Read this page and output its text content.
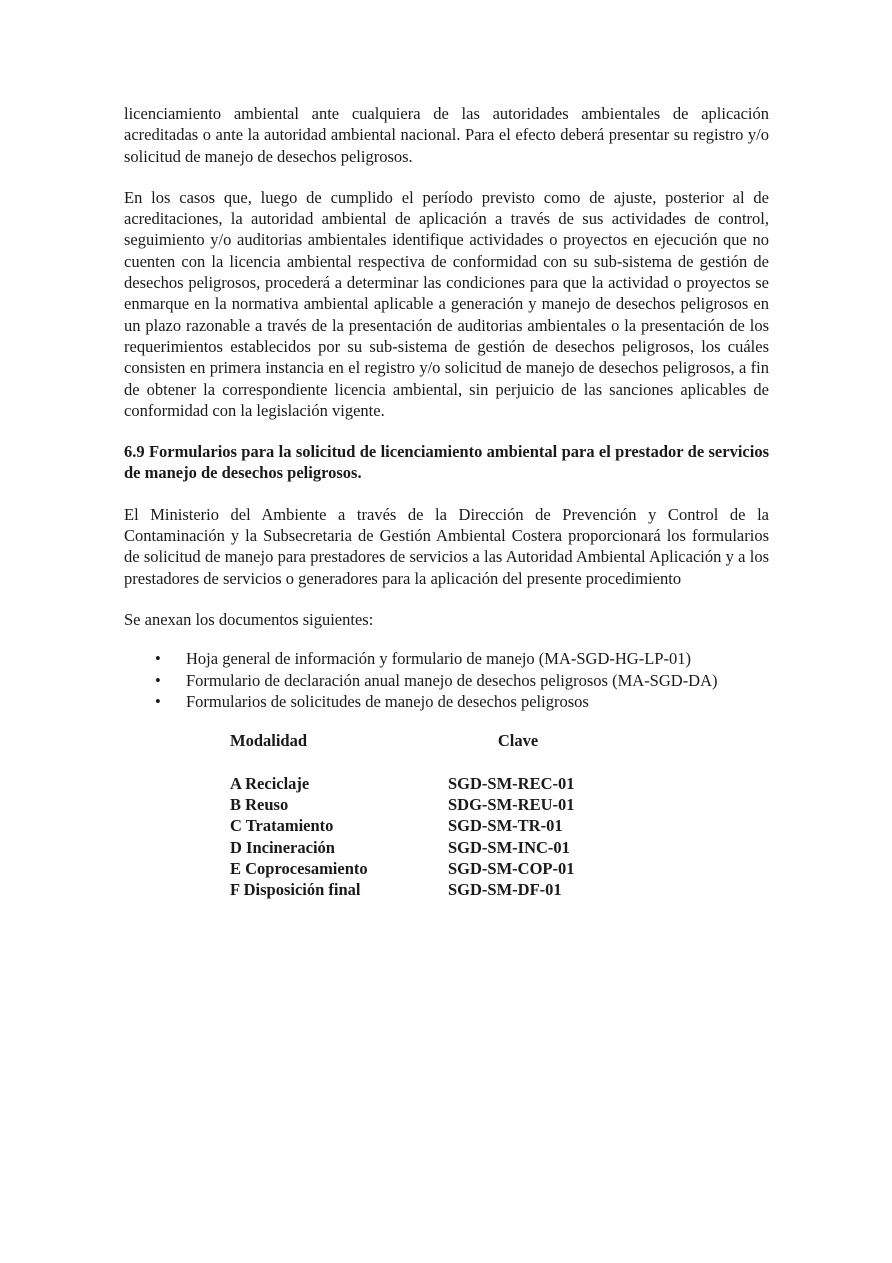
licenciamiento ambiental ante cualquiera de las autoridades ambientales de aplicación acreditadas o ante la autoridad ambiental nacional. Para el efecto deberá presentar su registro y/o solicitud de manejo de desechos peligrosos.

En los casos que, luego de cumplido el período previsto como de ajuste, posterior al de acreditaciones, la autoridad ambiental de aplicación a través de sus actividades de control, seguimiento y/o auditorias ambientales identifique actividades o proyectos en ejecución que no cuenten con la licencia ambiental respectiva de conformidad con su sub-sistema de gestión de desechos peligrosos, procederá a determinar las condiciones para que la actividad o proyectos se enmarque en la normativa ambiental aplicable a generación y manejo de desechos peligrosos en un plazo razonable a través de la presentación de auditorias ambientales o la presentación de los requerimientos establecidos por su sub-sistema de gestión de desechos peligrosos, los cuáles consisten en primera instancia en el registro y/o solicitud de manejo de desechos peligrosos, a fin de obtener la correspondiente licencia ambiental, sin perjuicio de las sanciones aplicables de conformidad con la legislación vigente.

6.9 Formularios para la solicitud de licenciamiento ambiental para el prestador de servicios de manejo de desechos peligrosos.

El Ministerio del Ambiente a través de la Dirección de Prevención y Control de la Contaminación y la Subsecretaria de Gestión Ambiental Costera proporcionará los formularios de solicitud de manejo para prestadores de servicios a las Autoridad Ambiental Aplicación y a los prestadores de servicios o generadores para la aplicación del presente procedimiento

Se anexan los documentos siguientes:

•	Hoja general de información y formulario de manejo (MA-SGD-HG-LP-01)
•	Formulario de declaración anual manejo de desechos peligrosos (MA-SGD-DA)
•	Formularios de solicitudes de manejo de desechos peligrosos
Modalidad	Clave
A Reciclaje	SGD-SM-REC-01
B Reuso	SDG-SM-REU-01
C Tratamiento	SGD-SM-TR-01
D Incineración	SGD-SM-INC-01
E Coprocesamiento	SGD-SM-COP-01
F Disposición final	SGD-SM-DF-01
